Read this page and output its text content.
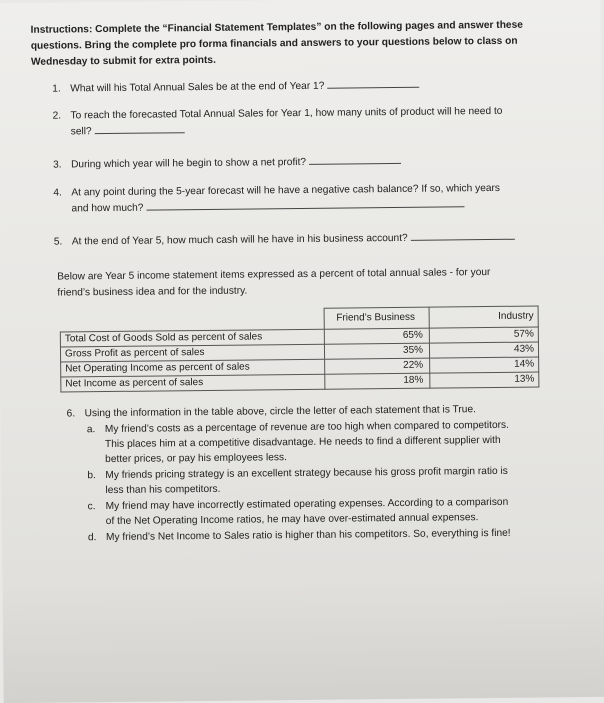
Instructions: Complete the “Financial Statement Templates” on the following pages and answer these
questions. Bring the complete pro forma financials and answers to your questions below to class on
Wednesday to submit for extra points.
1. What will his Total Annual Sales be at the end of Year 1?
2. To reach the forecasted Total Annual Sales for Year 1, how many units of product will he need to
sell?
3. During which year will he begin to show a net profit?
4. At any point during the 5-year forecast will he have a negative cash balance? If so, which years
and how much?
5. At the end of Year 5, how much cash will he have in his business account?
Below are Year 5 income statement items expressed as a percent of total annual sales - for your
friend’s business idea and for the industry.
	Friend’s Business	Industry
Total Cost of Goods Sold as percent of sales	65%	57%
Gross Profit as percent of sales	35%	43%
Net Operating Income as percent of sales	22%	14%
Net Income as percent of sales	18%	13%
6. Using the information in the table above, circle the letter of each statement that is True.
a. My friend’s costs as a percentage of revenue are too high when compared to competitors.
This places him at a competitive disadvantage. He needs to find a different supplier with
better prices, or pay his employees less.
b. My friends pricing strategy is an excellent strategy because his gross profit margin ratio is
less than his competitors.
c. My friend may have incorrectly estimated operating expenses. According to a comparison
of the Net Operating Income ratios, he may have over-estimated annual expenses.
d. My friend’s Net Income to Sales ratio is higher than his competitors. So, everything is fine!
